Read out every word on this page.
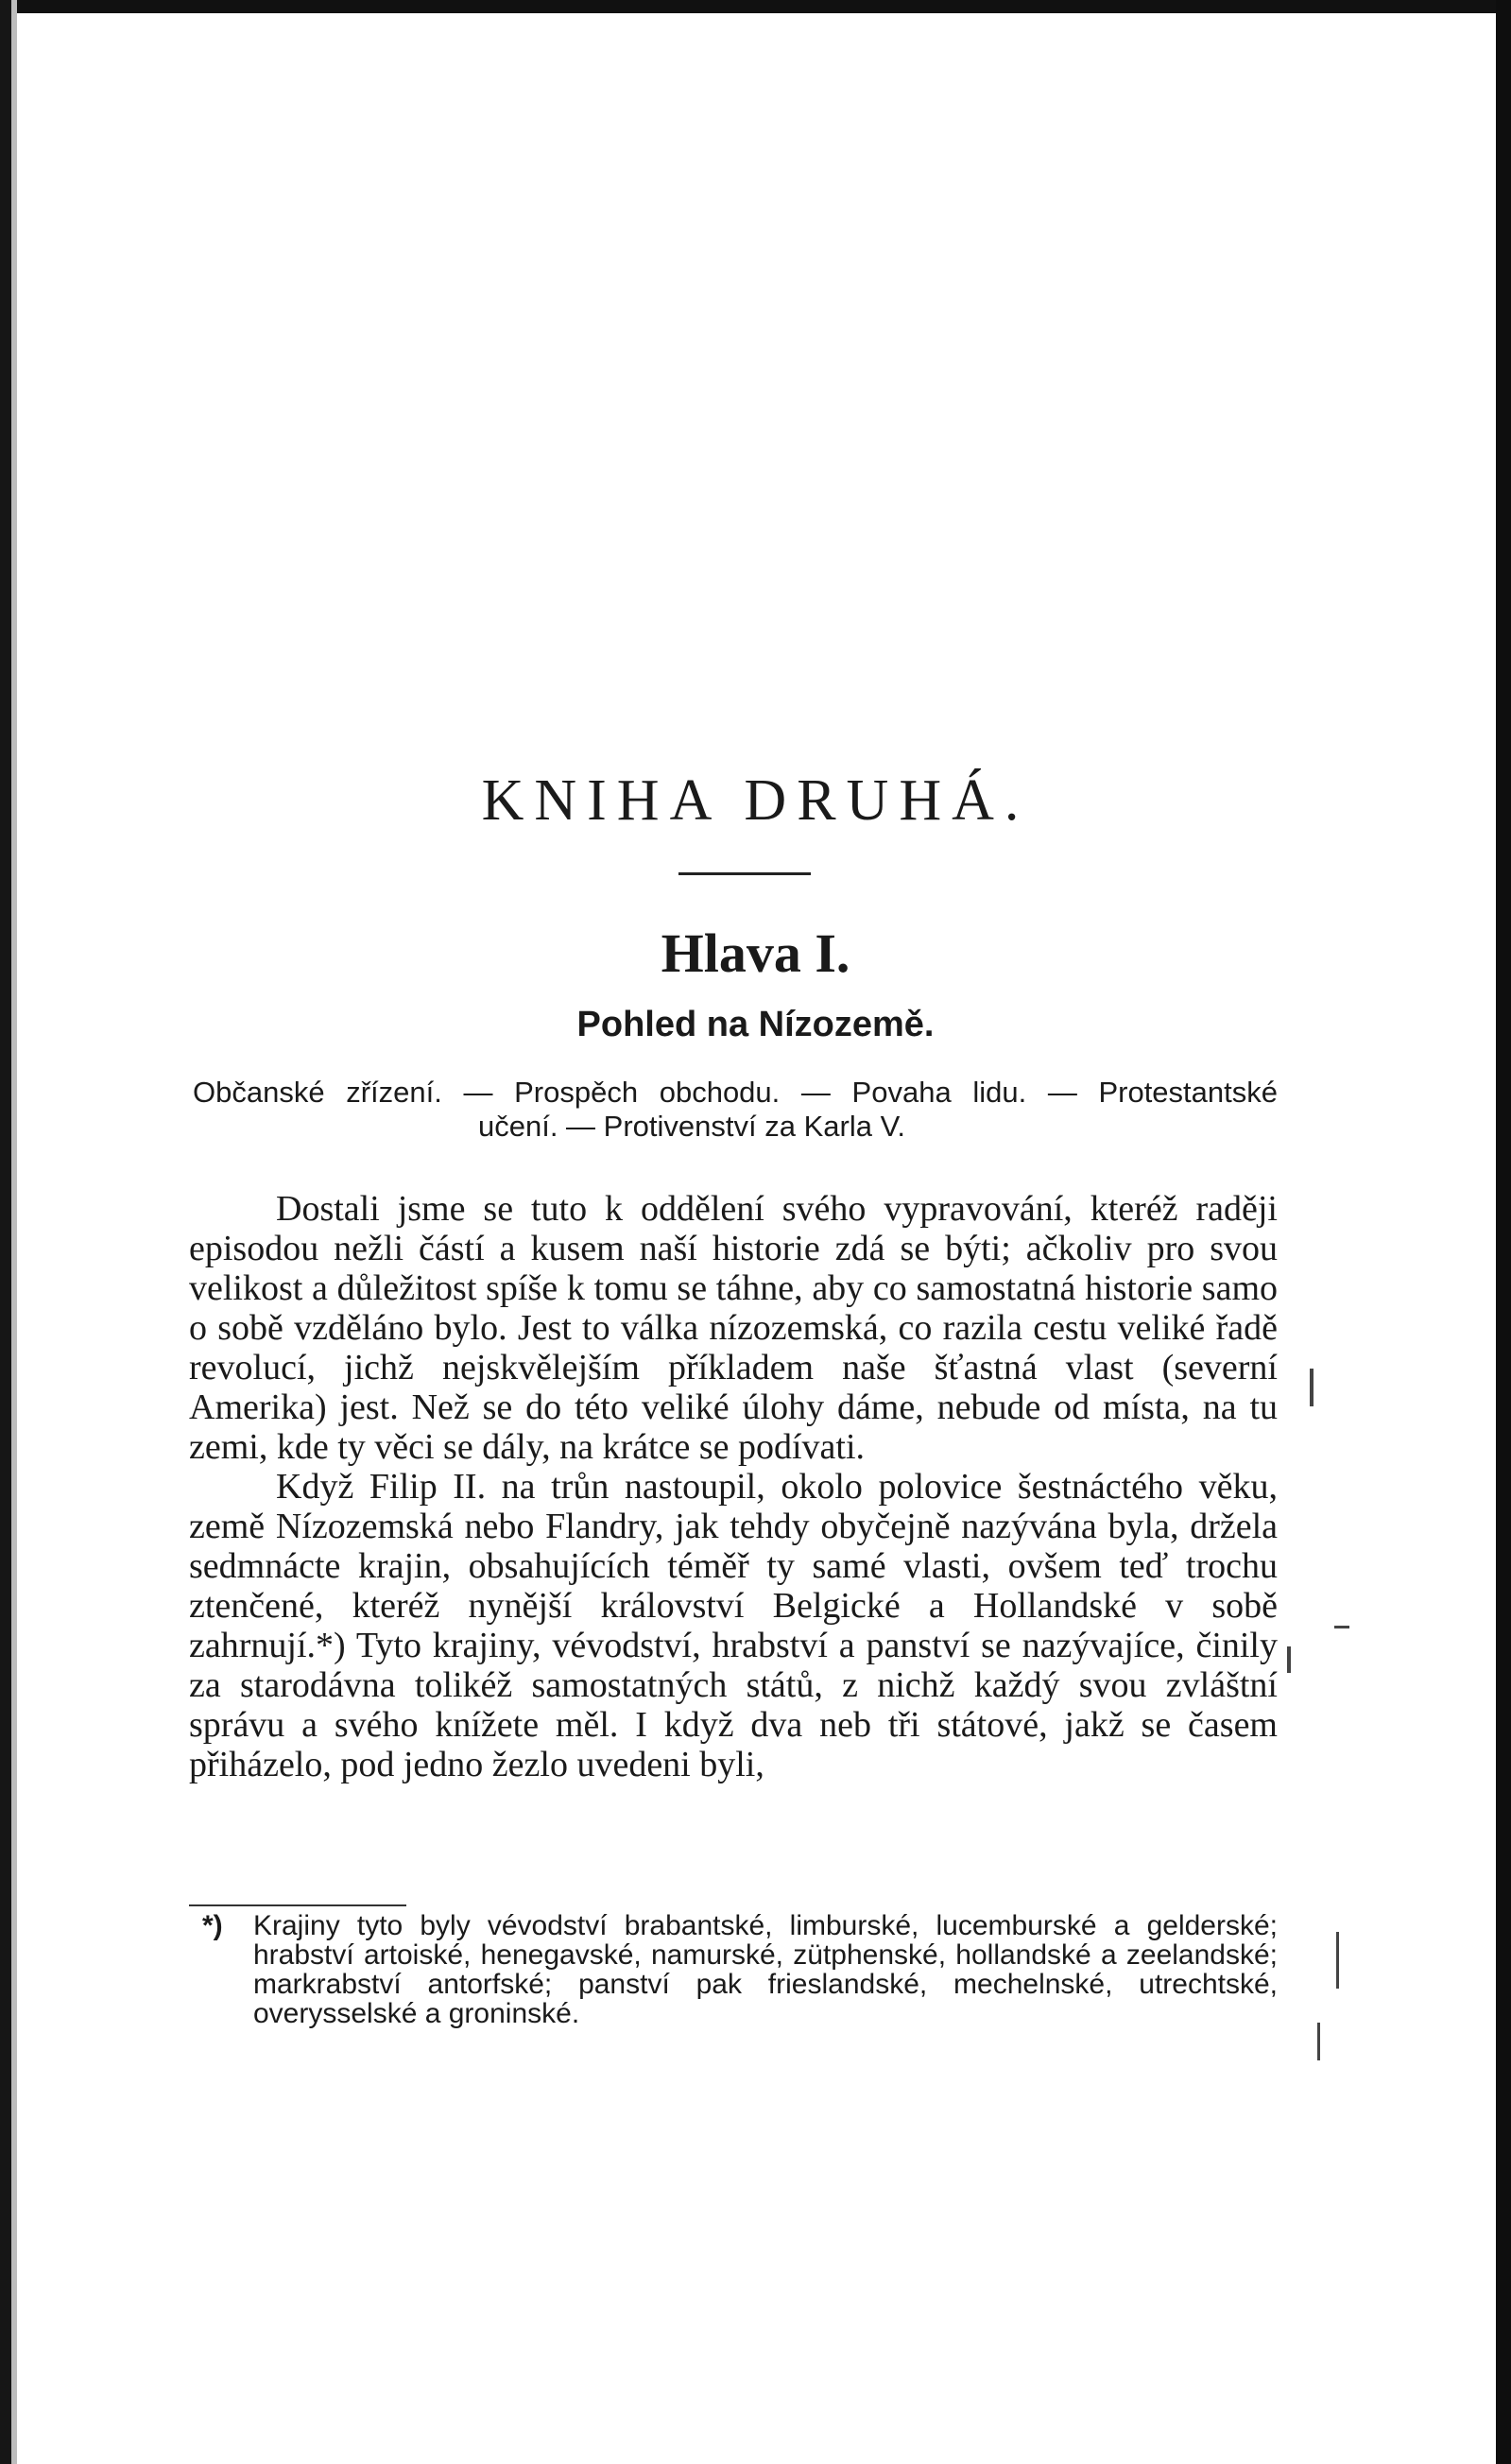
KNIHA DRUHÁ.
Hlava I.
Pohled na Nízozemě.
Občanské zřízení. — Prospěch obchodu. — Povaha lidu. — Protestantské
učení. — Protivenství za Karla V.

Dostali jsme se tuto k oddělení svého vypravování, kteréž raději episodou nežli částí a kusem naší historie zdá se býti; ačkoliv pro svou velikost a důležitost spíše k tomu se táhne, aby co samostatná historie samo o sobě vzděláno bylo. Jest to válka nízozemská, co razila cestu veliké řadě revolucí, jichž nejskvělejším příkladem naše šťastná vlast (severní Amerika) jest. Než se do této veliké úlohy dáme, nebude od místa, na tu zemi, kde ty věci se dály, na krátce se podívati.

Když Filip II. na trůn nastoupil, okolo polovice šestnáctého věku, země Nízozemská nebo Flandry, jak tehdy obyčejně nazývána byla, držela sedmnácte krajin, obsahujících téměř ty samé vlasti, ovšem teď trochu ztenčené, kteréž nynější království Belgické a Hollandské v sobě zahrnují.*) Tyto krajiny, vévodství, hrabství a panství se nazývajíce, činily za starodávna tolikéž samostatných států, z nichž každý svou zvláštní správu a svého knížete měl. I když dva neb tři státové, jakž se časem přiházelo, pod jedno žezlo uvedeni byli,

*) Krajiny tyto byly vévodství brabantské, limburské, lucemburské a gelderské; hrabství artoiské, henegavské, namurské, zütphenské, hollandské a zeelandské; markrabství antorfské; panství pak frieslandské, mechelnské, utrechtské, overysselské a groninské.
